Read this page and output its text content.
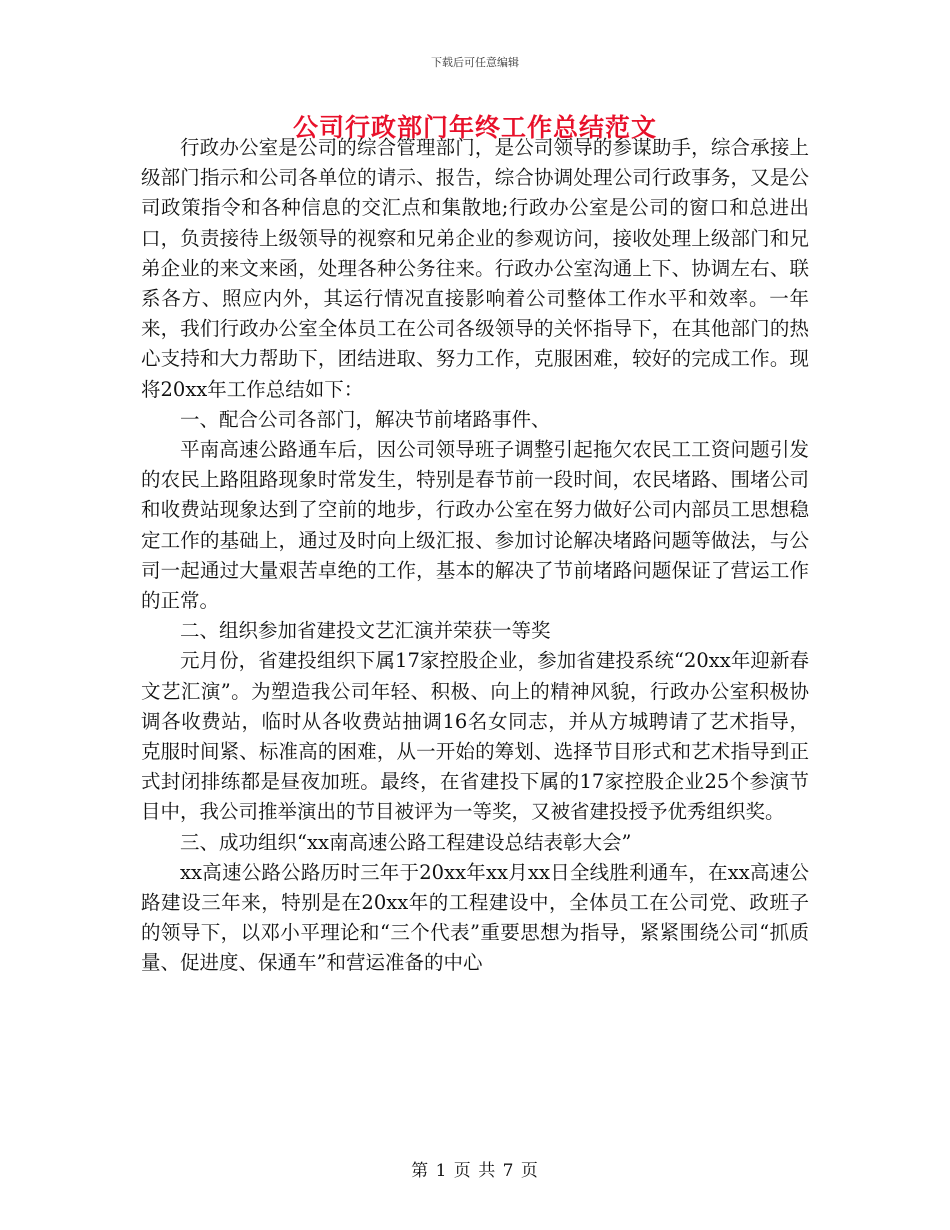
下载后可任意编辑
公司行政部门年终工作总结范文

行政办公室是公司的综合管理部门，是公司领导的参谋助手，综合承接上级部门指示和公司各单位的请示、报告，综合协调处理公司行政事务，又是公司政策指令和各种信息的交汇点和集散地;行政办公室是公司的窗口和总进出口，负责接待上级领导的视察和兄弟企业的参观访问，接收处理上级部门和兄弟企业的来文来函，处理各种公务往来。行政办公室沟通上下、协调左右、联系各方、照应内外，其运行情况直接影响着公司整体工作水平和效率。一年来，我们行政办公室全体员工在公司各级领导的关怀指导下，在其他部门的热心支持和大力帮助下，团结进取、努力工作，克服困难，较好的完成工作。现将20xx年工作总结如下：

一、配合公司各部门，解决节前堵路事件、

平南高速公路通车后，因公司领导班子调整引起拖欠农民工工资问题引发的农民上路阻路现象时常发生，特别是春节前一段时间，农民堵路、围堵公司和收费站现象达到了空前的地步，行政办公室在努力做好公司内部员工思想稳定工作的基础上，通过及时向上级汇报、参加讨论解决堵路问题等做法，与公司一起通过大量艰苦卓绝的工作，基本的解决了节前堵路问题保证了营运工作的正常。

二、组织参加省建投文艺汇演并荣获一等奖

元月份，省建投组织下属17家控股企业，参加省建投系统“20xx年迎新春文艺汇演”。为塑造我公司年轻、积极、向上的精神风貌，行政办公室积极协调各收费站，临时从各收费站抽调16名女同志，并从方城聘请了艺术指导，克服时间紧、标准高的困难，从一开始的筹划、选择节目形式和艺术指导到正式封闭排练都是昼夜加班。最终，在省建投下属的17家控股企业25个参演节目中，我公司推举演出的节目被评为一等奖，又被省建投授予优秀组织奖。

三、成功组织“xx南高速公路工程建设总结表彰大会”

xx高速公路公路历时三年于20xx年xx月xx日全线胜利通车，在xx高速公路建设三年来，特别是在20xx年的工程建设中，全体员工在公司党、政班子的领导下，以邓小平理论和“三个代表”重要思想为指导，紧紧围绕公司“抓质量、促进度、保通车”和营运准备的中心

第 1 页 共 7 页
